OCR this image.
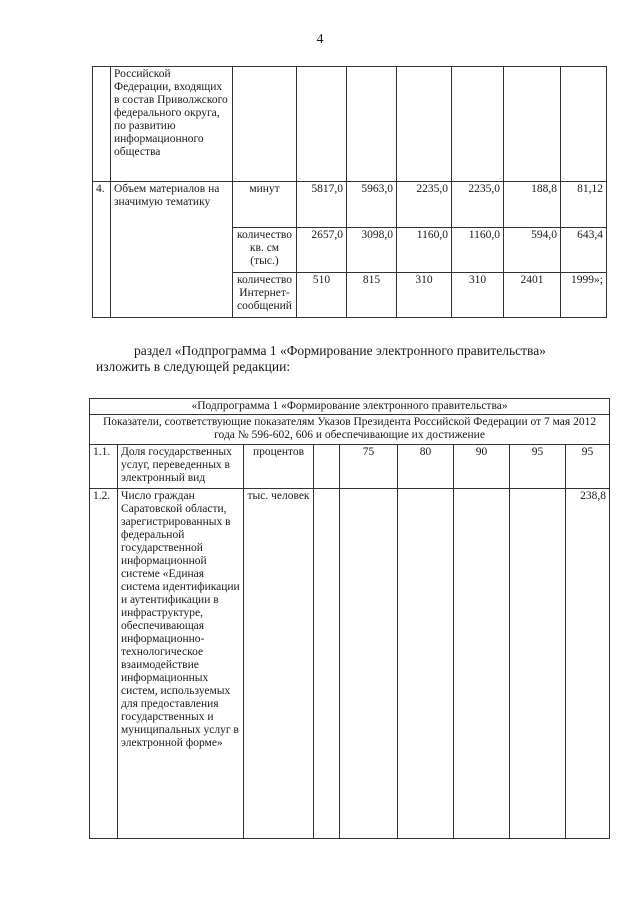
4
	Российской Федерации, входящих в состав Приволжского федерального округа, по развитию информационного общества							
4.	Объем материалов на значимую тематику	минут	5817,0	5963,0	2235,0	2235,0	188,8	81,12
		количество кв. см (тыс.)	2657,0	3098,0	1160,0	1160,0	594,0	643,4
		количество Интернет-сообщений	510	815	310	310	2401	1999»;
раздел «Подпрограмма 1 «Формирование электронного правительства»
изложить в следующей редакции:
«Подпрограмма 1 «Формирование электронного правительства»								
Показатели, соответствующие показателям Указов Президента Российской Федерации от 7 мая 2012 года № 596-602, 606 и обеспечивающие их достижение								
1.1.	Доля государственных услуг, переведенных в электронный вид	процентов		75	80	90	95	95
1.2.	Число граждан Саратовской области, зарегистрированных в федеральной государственной информационной системе «Единая система идентификации и аутентификации в инфраструктуре, обеспечивающая информационно-технологическое взаимодействие информационных систем, используемых для предоставления государственных и муниципальных услуг в электронной форме»	тыс. человек						238,8
